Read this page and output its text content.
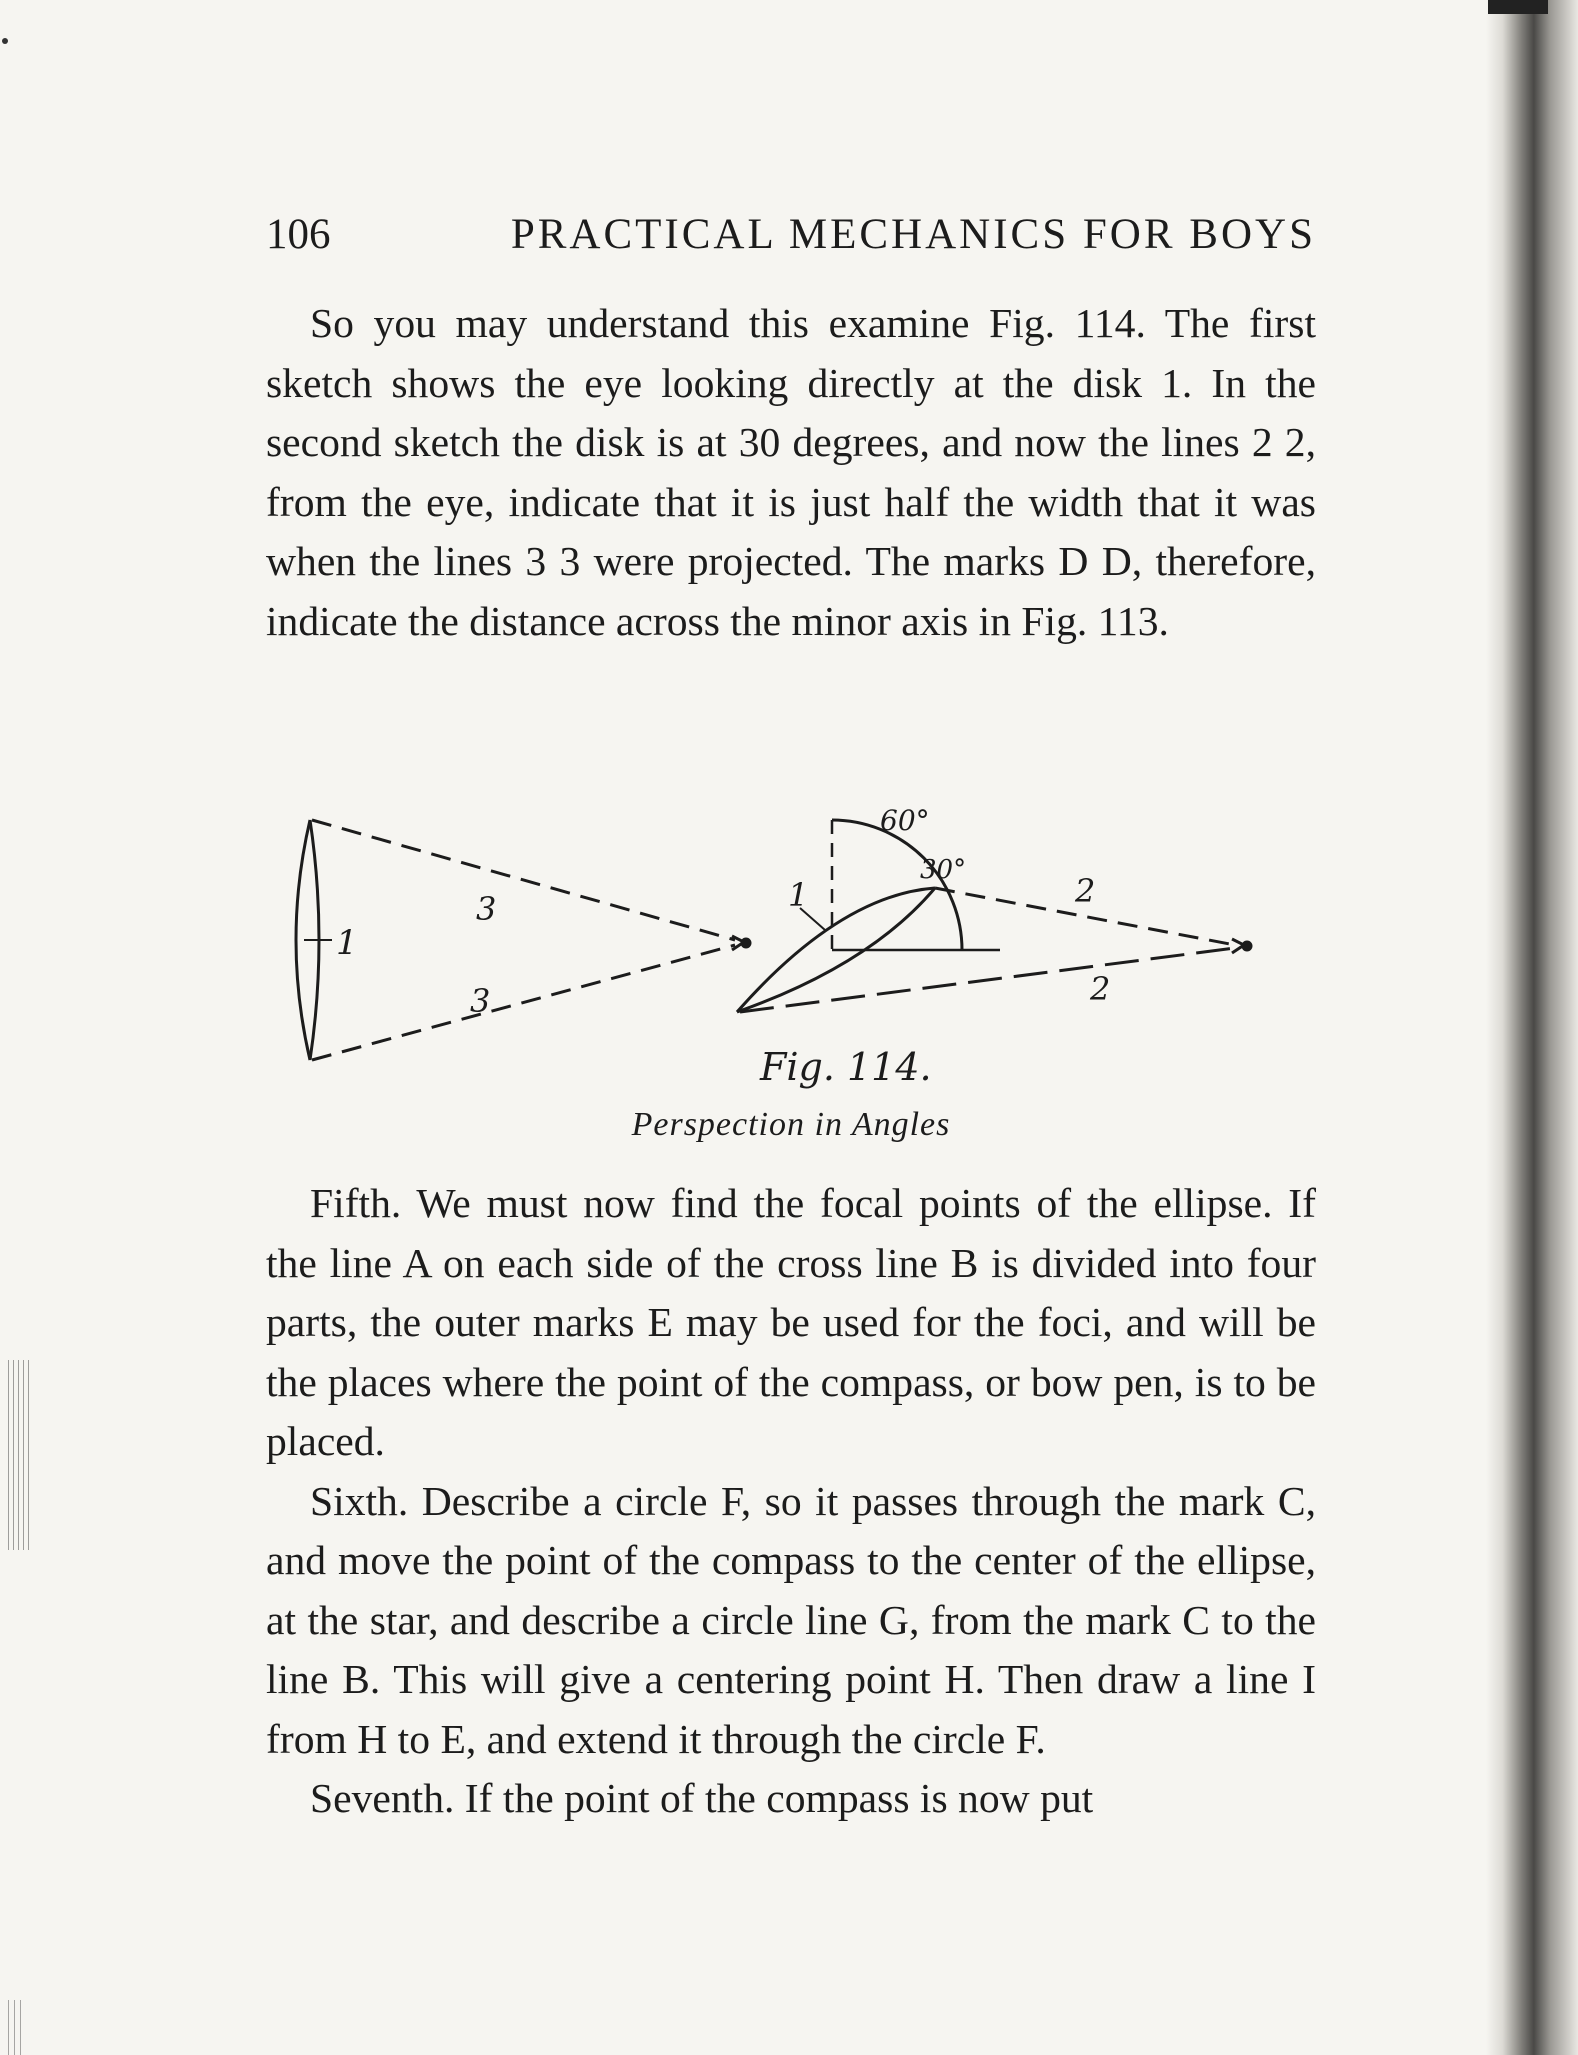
106	PRACTICAL MECHANICS FOR BOYS

So you may understand this examine Fig. 114. The first sketch shows the eye looking directly at the disk 1. In the second sketch the disk is at 30 degrees, and now the lines 2 2, from the eye, indicate that it is just half the width that it was when the lines 3 3 were projected. The marks D D, therefore, indicate the distance across the minor axis in Fig. 113.

1
3
3
60°
30°
1	2
2
Fig. 114.
Perspection in Angles

Fifth. We must now find the focal points of the ellipse. If the line A on each side of the cross line B is divided into four parts, the outer marks E may be used for the foci, and will be the places where the point of the compass, or bow pen, is to be placed.

Sixth. Describe a circle F, so it passes through the mark C, and move the point of the compass to the center of the ellipse, at the star, and describe a circle line G, from the mark C to the line B. This will give a centering point H. Then draw a line I from H to E, and extend it through the circle F.

Seventh. If the point of the compass is now put
